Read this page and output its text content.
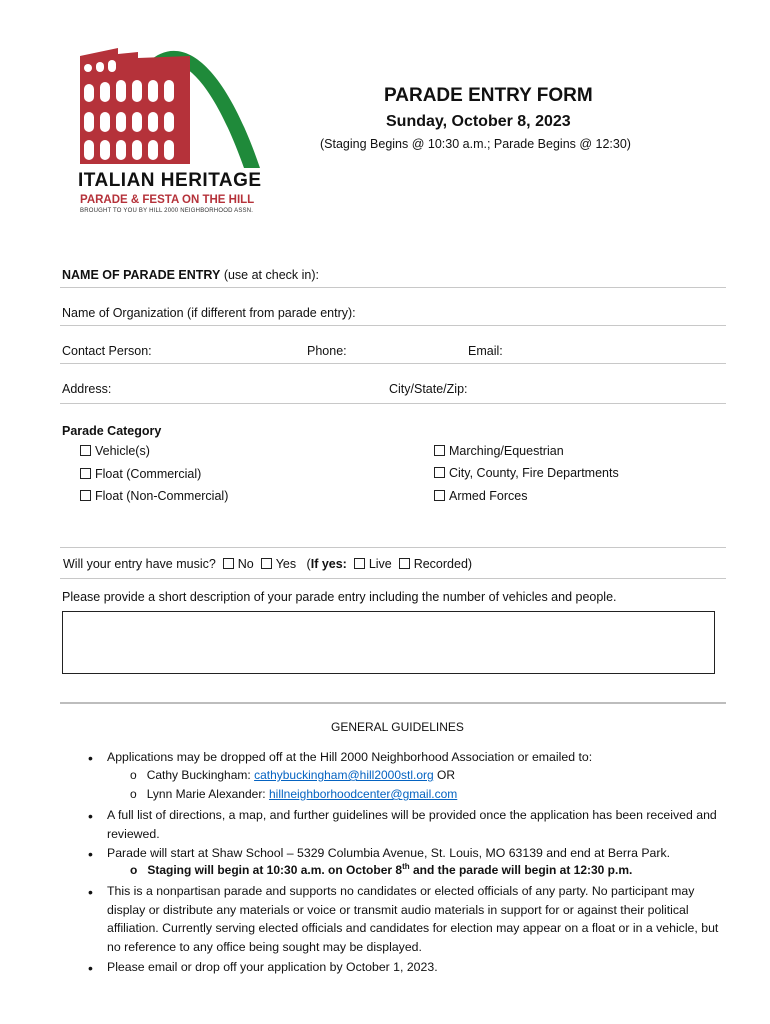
ITALIAN HERITAGE
PARADE & FESTA ON THE HILL
BROUGHT TO YOU BY HILL 2000 NEIGHBORHOOD ASSN.
PARADE ENTRY FORM
Sunday, October 8, 2023
(Staging Begins @ 10:30 a.m.; Parade Begins @ 12:30)
NAME OF PARADE ENTRY (use at check in):
Name of Organization (if different from parade entry):
Contact Person:	Phone:	Email:
Address:	City/State/Zip:
Parade Category
Vehicle(s)
Float (Commercial)
Float (Non-Commercial)
Marching/Equestrian
City, County, Fire Departments
Armed Forces
Will your entry have music? No Yes (If yes: Live Recorded)
Please provide a short description of your parade entry including the number of vehicles and people.
GENERAL GUIDELINES
• Applications may be dropped off at the Hill 2000 Neighborhood Association or emailed to:
o   Cathy Buckingham: cathybuckingham@hill2000stl.org OR
o   Lynn Marie Alexander: hillneighborhoodcenter@gmail.com
• A full list of directions, a map, and further guidelines will be provided once the application has been received and reviewed.
• Parade will start at Shaw School – 5329 Columbia Avenue, St. Louis, MO 63139 and end at Berra Park.
o   Staging will begin at 10:30 a.m. on October 8th and the parade will begin at 12:30 p.m.
• This is a nonpartisan parade and supports no candidates or elected officials of any party. No participant may display or distribute any materials or voice or transmit audio materials in support for or against their political affiliation. Currently serving elected officials and candidates for election may appear on a float or in a vehicle, but no reference to any office being sought may be displayed.
• Please email or drop off your application by October 1, 2023.
